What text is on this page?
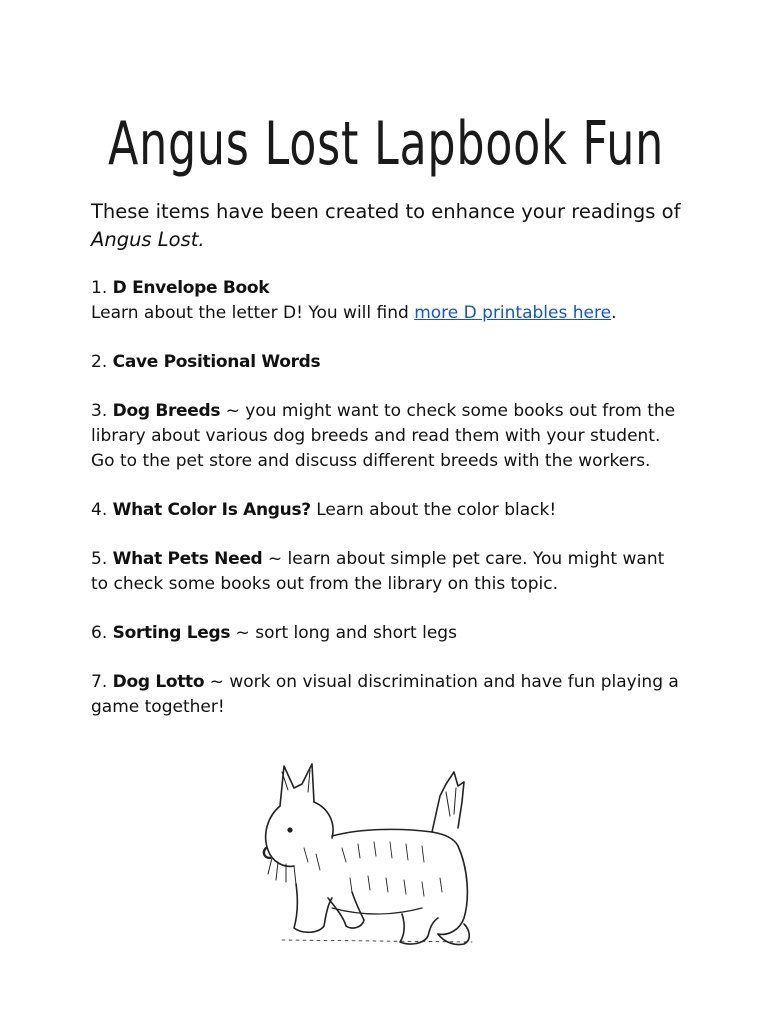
Angus Lost Lapbook Fun

These items have been created to enhance your readings of
Angus Lost.

1. D Envelope Book
Learn about the letter D! You will find more D printables here.

2. Cave Positional Words

3. Dog Breeds ~ you might want to check some books out from the library about various dog breeds and read them with your student. Go to the pet store and discuss different breeds with the workers.

4. What Color Is Angus? Learn about the color black!

5. What Pets Need ~ learn about simple pet care. You might want to check some books out from the library on this topic.

6. Sorting Legs ~ sort long and short legs

7. Dog Lotto ~ work on visual discrimination and have fun playing a game together!
